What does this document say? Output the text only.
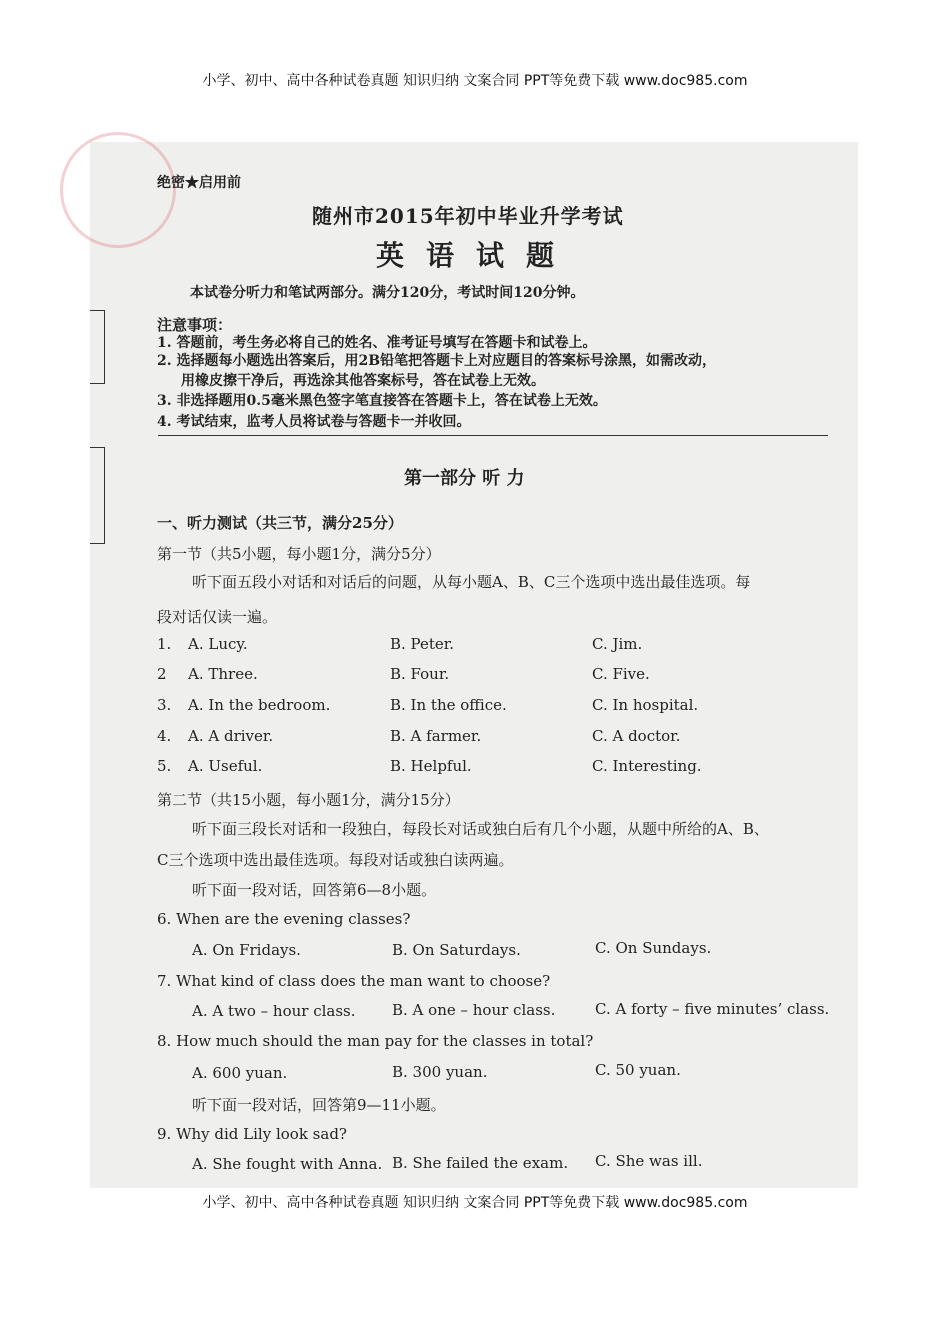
小学、初中、高中各种试卷真题 知识归纳 文案合同 PPT等免费下载 www.doc985.com
绝密★启用前
随州市2015年初中毕业升学考试
英语试题
本试卷分听力和笔试两部分。满分120分，考试时间120分钟。
注意事项：
1. 答题前，考生务必将自己的姓名、准考证号填写在答题卡和试卷上。
2. 选择题每小题选出答案后，用2B铅笔把答题卡上对应题目的答案标号涂黑，如需改动，
用橡皮擦干净后，再选涂其他答案标号，答在试卷上无效。
3. 非选择题用0.5毫米黑色签字笔直接答在答题卡上，答在试卷上无效。
4. 考试结束，监考人员将试卷与答题卡一并收回。
第一部分 听 力
一、听力测试（共三节，满分25分）
第一节（共5小题，每小题1分，满分5分）
听下面五段小对话和对话后的问题，从每小题A、B、C三个选项中选出最佳选项。每
段对话仅读一遍。
1. A. Lucy.	B. Peter.	C. Jim.
2 A. Three.	B. Four.	C. Five.
3. A. In the bedroom.	B. In the office.	C. In hospital.
4. A. A driver.	B. A farmer.	C. A doctor.
5. A. Useful.	B. Helpful.	C. Interesting.
第二节（共15小题，每小题1分，满分15分）
听下面三段长对话和一段独白，每段长对话或独白后有几个小题，从题中所给的A、B、
C三个选项中选出最佳选项。每段对话或独白读两遍。
听下面一段对话，回答第6—8小题。
6. When are the evening classes?
A. On Fridays.	B. On Saturdays.	C. On Sundays.
7. What kind of class does the man want to choose?
A. A two – hour class. B. A one – hour class.	C. A forty – five minutes’ class.
8. How much should the man pay for the classes in total?
A. 600 yuan.	B. 300 yuan.	C. 50 yuan.
听下面一段对话，回答第9—11小题。
9. Why did Lily look sad?
A. She fought with Anna. B. She failed the exam. C. She was ill.
小学、初中、高中各种试卷真题 知识归纳 文案合同 PPT等免费下载 www.doc985.com
